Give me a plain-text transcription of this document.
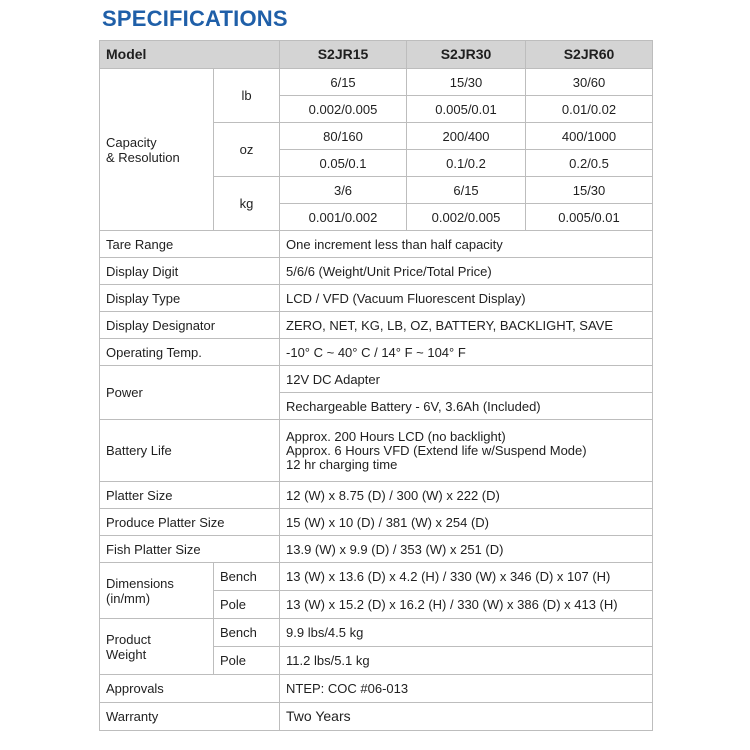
SPECIFICATIONS
Model		S2JR15	S2JR30	S2JR60

Capacity
& Resolution	lb	6/15	15/30	30/60
		0.002/0.005	0.005/0.01	0.01/0.02
	oz	80/160	200/400	400/1000
		0.05/0.1	0.1/0.2	0.2/0.5
	kg	3/6	6/15	15/30
		0.001/0.002	0.002/0.005	0.005/0.01
Tare Range		One increment less than half capacity		
Display Digit		5/6/6 (Weight/Unit Price/Total Price)		
Display Type		LCD / VFD (Vacuum Fluorescent Display)		
Display Designator		ZERO, NET, KG, LB, OZ, BATTERY, BACKLIGHT, SAVE		
Operating Temp.		-10° C ~ 40° C / 14° F ~ 104° F		
Power		12V DC Adapter		
		Rechargeable Battery - 6V, 3.6Ah (Included)		
Battery Life		Approx. 200 Hours LCD (no backlight)
Approx. 6 Hours VFD (Extend life w/Suspend Mode)
12 hr charging time		

Platter Size		12 (W) x 8.75 (D) / 300 (W) x 222 (D)		
Produce Platter Size		15 (W) x 10 (D) / 381 (W) x 254 (D)		
Fish Platter Size		13.9 (W) x 9.9 (D) / 353 (W) x 251 (D)		

Dimensions
(in/mm)	Bench	13 (W) x 13.6 (D) x 4.2 (H) / 330 (W) x 346 (D) x 107 (H)		
	Pole	13 (W) x 15.2 (D) x 16.2 (H) / 330 (W) x 386 (D) x 413 (H)		

Product
Weight	Bench	9.9 lbs/4.5 kg		
	Pole	11.2 lbs/5.1 kg		
Approvals		NTEP: COC #06-013		
Warranty		Two Years		
